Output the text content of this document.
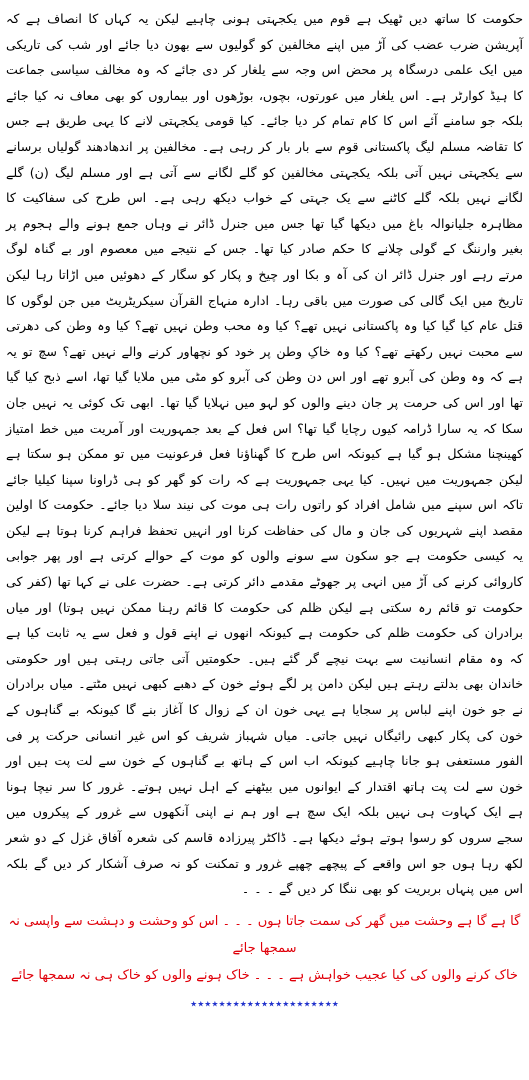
حکومت کا ساتھ دیں ٹھیک ہے قوم میں یکجہتی ہونی چاہیے لیکن یہ کہاں کا انصاف ہے کہ آپریشن ضرب عضب کی آڑ میں اپنے مخالفین کو گولیوں سے بھون دیا جائے اور شب کی تاریکی میں ایک علمی درسگاہ پر محض اس وجہ سے یلغار کر دی جائے کہ وہ مخالف سیاسی جماعت کا ہیڈ کوارٹر ہے۔ اس یلغار میں عورتوں، بچوں، بوڑھوں اور بیماروں کو بھی معاف نہ کیا جائے بلکہ جو سامنے آئے اس کا کام تمام کر دیا جائے۔ کیا قومی یکجہتی لانے کا یہی طریق ہے جس کا تقاضہ مسلم لیگ پاکستانی قوم سے بار بار کر رہی ہے۔ مخالفین پر اندھادھند گولیاں برسانے سے یکجہتی نہیں آتی بلکہ یکجہتی مخالفین کو گلے لگانے سے آتی ہے اور مسلم لیگ (ن) گلے لگانے نہیں بلکہ گلے کاٹنے سے یک جہتی کے خواب دیکھ رہی ہے۔ اس طرح کی سفاکیت کا مظاہرہ جلیانوالہ باغ میں دیکھا گیا تھا جس میں جنرل ڈائر نے وہاں جمع ہونے والے ہجوم پر بغیر وارننگ کے گولی چلانے کا حکم صادر کیا تھا۔ جس کے نتیجے میں معصوم اور بے گناہ لوگ مرتے رہے اور جنرل ڈائر ان کی آہ و بکا اور چیخ و پکار کو سگار کے دھوئیں میں اڑاتا رہا لیکن تاریخ میں ایک گالی کی صورت میں باقی رہا۔ ادارہ منہاج القرآن سیکریٹریٹ میں جن لوگوں کا قتل عام کیا گیا کیا وہ پاکستانی نہیں تھے؟ کیا وہ محب وطن نہیں تھے؟ کیا وہ وطن کی دھرتی سے محبت نہیں رکھتے تھے؟ کیا وہ خاکِ وطن پر خود کو نچھاور کرنے والے نہیں تھے؟ سچ تو یہ ہے کہ وہ وطن کی آبرو تھے اور اس دن وطن کی آبرو کو مٹی میں ملایا گیا تھا، اسے ذبح کیا گیا تھا اور اس کی حرمت پر جان دینے والوں کو لہو میں نہلایا گیا تھا۔ ابھی تک کوئی یہ نہیں جان سکا کہ یہ سارا ڈرامہ کیوں رچایا گیا تھا؟ اس فعل کے بعد جمہوریت اور آمریت میں خط امتیاز کھینچنا مشکل ہو گیا ہے کیونکہ اس طرح کا گھناؤنا فعل فرعونیت میں تو ممکن ہو سکتا ہے لیکن جمہوریت میں نہیں۔ کیا یہی جمہوریت ہے کہ رات کو گھر کو ہی ڈراونا سپنا کیلیا جائے تاکہ اس سپنے میں شامل افراد کو راتوں رات ہی موت کی نیند سلا دیا جائے۔ حکومت کا اولین مقصد اپنے شہریوں کی جان و مال کی حفاظت کرنا اور انہیں تحفظ فراہم کرنا ہوتا ہے لیکن یہ کیسی حکومت ہے جو سکون سے سونے والوں کو موت کے حوالے کرتی ہے اور پھر جوابی کاروائی کرنے کی آڑ میں انہی پر جھوٹے مقدمے دائر کرتی ہے۔ حضرت علی نے کہا تھا (کفر کی حکومت تو قائم رہ سکتی ہے لیکن ظلم کی حکومت کا قائم رہنا ممکن نہیں ہوتا) اور میاں برادران کی حکومت ظلم کی حکومت ہے کیونکہ انھوں نے اپنے قول و فعل سے یہ ثابت کیا ہے کہ وہ مقام انسانیت سے بہت نیچے گر گئے ہیں۔ حکومتیں آتی جاتی رہتی ہیں اور حکومتی خاندان بھی بدلتے رہتے ہیں لیکن دامن پر لگے ہوئے خون کے دھبے کبھی نہیں مٹتے۔ میاں برادران نے جو خون اپنے لباس پر سجایا ہے یہی خون ان کے زوال کا آغاز بنے گا کیونکہ بے گناہوں کے خون کی پکار کبھی رائیگاں نہیں جاتی۔ میاں شہباز شریف کو اس غیر انسانی حرکت پر فی الفور مستعفی ہو جانا چاہیے کیونکہ اب اس کے ہاتھ بے گناہوں کے خون سے لت پت ہیں اور خون سے لت پت ہاتھ اقتدار کے ایوانوں میں بیٹھنے کے اہل نہیں ہوتے۔ غرور کا سر نیچا ہونا ہے ایک کہاوت ہی نہیں بلکہ ایک سچ ہے اور ہم نے اپنی آنکھوں سے غرور کے پیکروں میں سجے سروں کو رسوا ہوتے ہوئے دیکھا ہے۔ ڈاکٹر پیرزادہ قاسم کی شعرہ آفاق غزل کے دو شعر لکھ رہا ہوں جو اس واقعے کے پیچھے چھپے غرور و تمکنت کو نہ صرف آشکار کر دیں گے بلکہ اس میں پنہاں بربریت کو بھی ننگا کر دیں گے ۔ ۔ ۔

گا ہے گا ہے وحشت میں گھر کی سمت جاتا ہوں ۔ ۔ ۔ اس کو وحشت و دہشت سے واپسی نہ سمجھا جائے

خاک کرنے والوں کی کیا عجیب خواہش ہے ۔ ۔ ۔ خاک ہونے والوں کو خاک ہی نہ سمجھا جائے

٭٭٭٭٭٭٭٭٭٭٭٭٭٭٭٭٭٭٭٭٭
